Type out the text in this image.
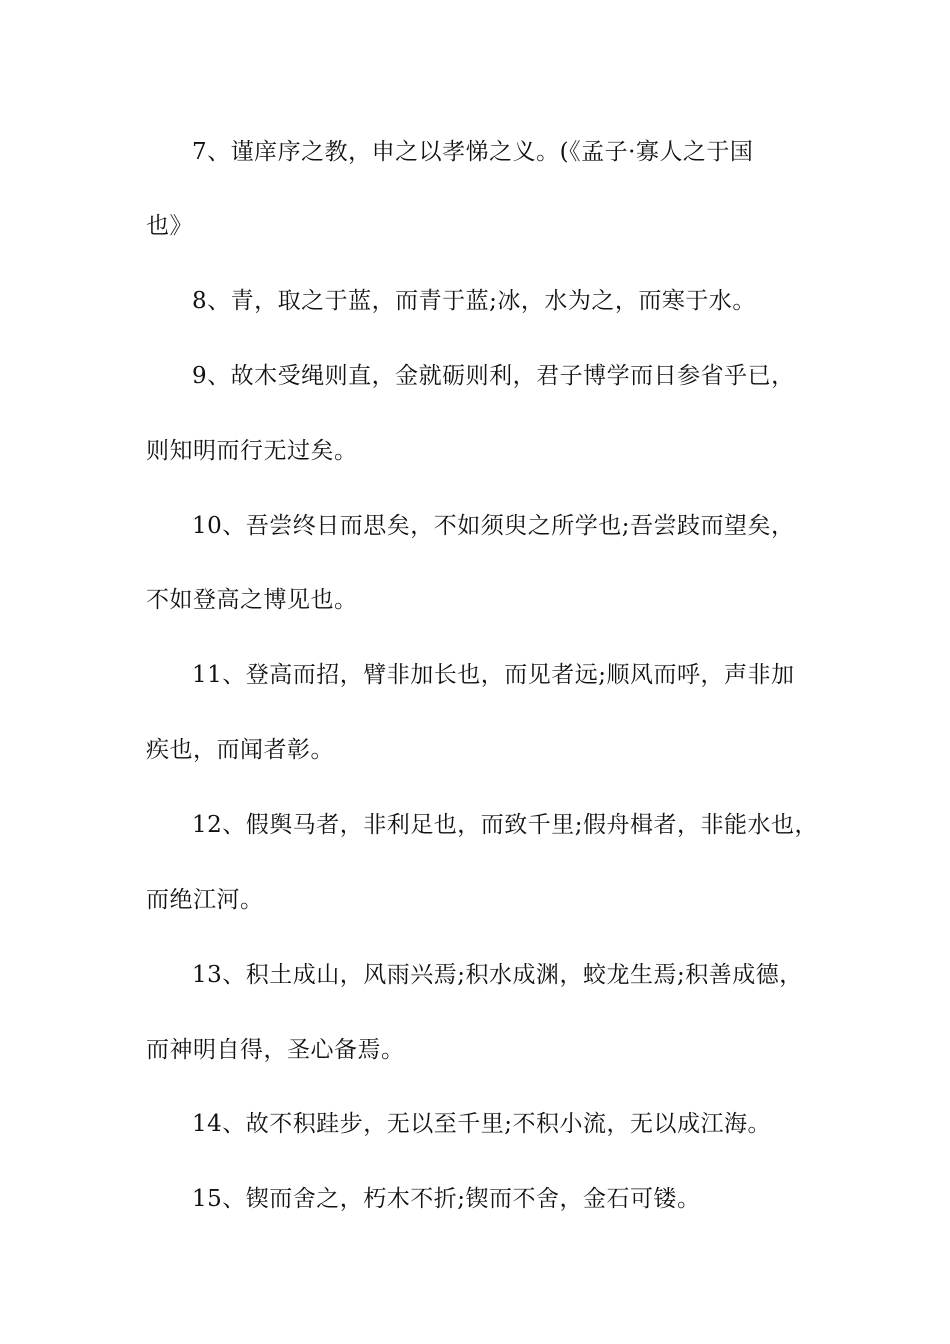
7、谨庠序之教，申之以孝悌之义。(《孟子·寡人之于国
也》
8、青，取之于蓝，而青于蓝;冰，水为之，而寒于水。
9、故木受绳则直，金就砺则利，君子博学而日参省乎已，
则知明而行无过矣。
10、吾尝终日而思矣，不如须臾之所学也;吾尝跂而望矣，
不如登高之博见也。
11、登高而招，臂非加长也，而见者远;顺风而呼，声非加
疾也，而闻者彰。
12、假舆马者，非利足也，而致千里;假舟楫者，非能水也，
而绝江河。
13、积土成山，风雨兴焉;积水成渊，蛟龙生焉;积善成德，
而神明自得，圣心备焉。
14、故不积跬步，无以至千里;不积小流，无以成江海。
15、锲而舍之，朽木不折;锲而不舍，金石可镂。
